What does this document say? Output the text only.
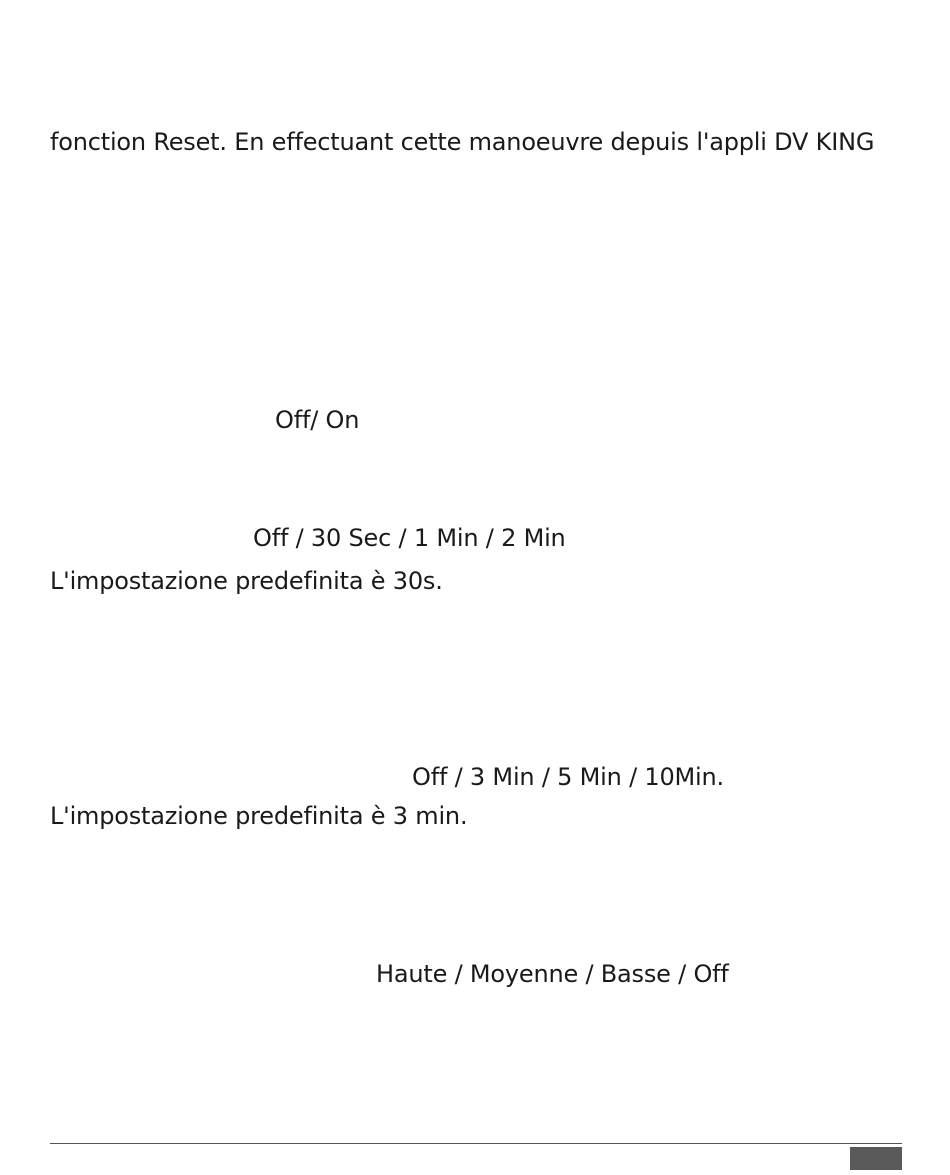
fonction Reset. En effectuant cette manoeuvre depuis l'appli DV KING
Off/ On
Off / 30 Sec / 1 Min / 2 Min
L'impostazione predefinita è 30s.
Off / 3 Min / 5 Min / 10Min.
L'impostazione predefinita è 3 min.
Haute / Moyenne / Basse / Off
